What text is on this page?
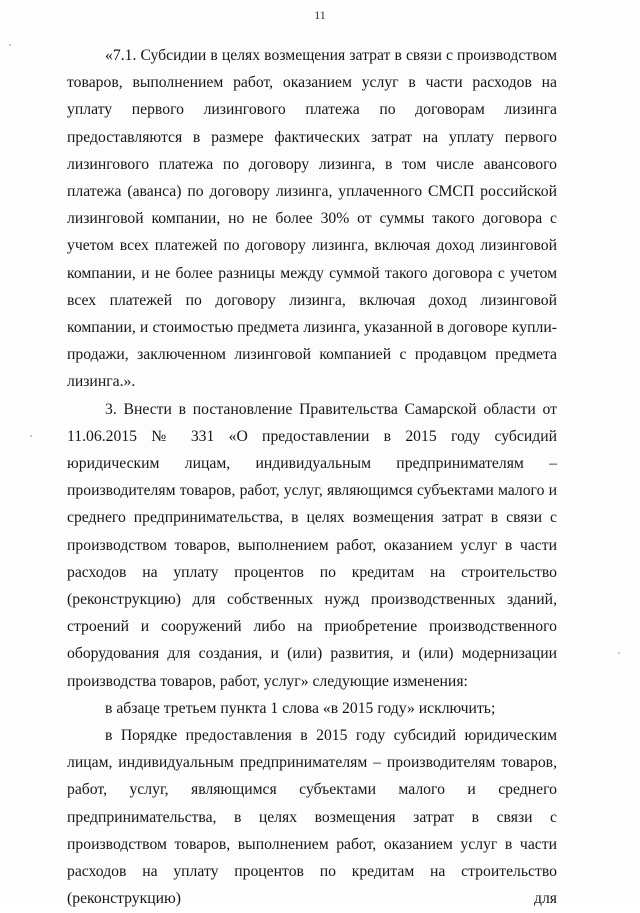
11

«7.1. Субсидии в целях возмещения затрат в связи с производством товаров, выполнением работ, оказанием услуг в части расходов на уплату первого лизингового платежа по договорам лизинга предоставляются в размере фактических затрат на уплату первого лизингового платежа по договору лизинга, в том числе авансового платежа (аванса) по договору лизинга, уплаченного СМСП российской лизинговой компании, но не более 30% от суммы такого договора с учетом всех платежей по договору лизинга, включая доход лизинговой компании, и не более разницы между суммой такого договора с учетом всех платежей по договору лизинга, включая доход лизинговой компании, и стоимостью предмета лизинга, указанной в договоре купли-продажи, заключенном лизинговой компанией с продавцом предмета лизинга.».

3. Внести в постановление Правительства Самарской области от 11.06.2015 № 331 «О предоставлении в 2015 году субсидий юридическим лицам, индивидуальным предпринимателям – производителям товаров, работ, услуг, являющимся субъектами малого и среднего предпринимательства, в целях возмещения затрат в связи с производством товаров, выполнением работ, оказанием услуг в части расходов на уплату процентов по кредитам на строительство (реконструкцию) для собственных нужд производственных зданий, строений и сооружений либо на приобретение производственного оборудования для создания, и (или) развития, и (или) модернизации производства товаров, работ, услуг» следующие изменения:

в абзаце третьем пункта 1 слова «в 2015 году» исключить;

в Порядке предоставления в 2015 году субсидий юридическим лицам, индивидуальным предпринимателям – производителям товаров, работ, услуг, являющимся субъектами малого и среднего предпринимательства, в целях возмещения затрат в связи с производством товаров, выполнением работ, оказанием услуг в части расходов на уплату процентов по кредитам на строительство (реконструкцию) для
